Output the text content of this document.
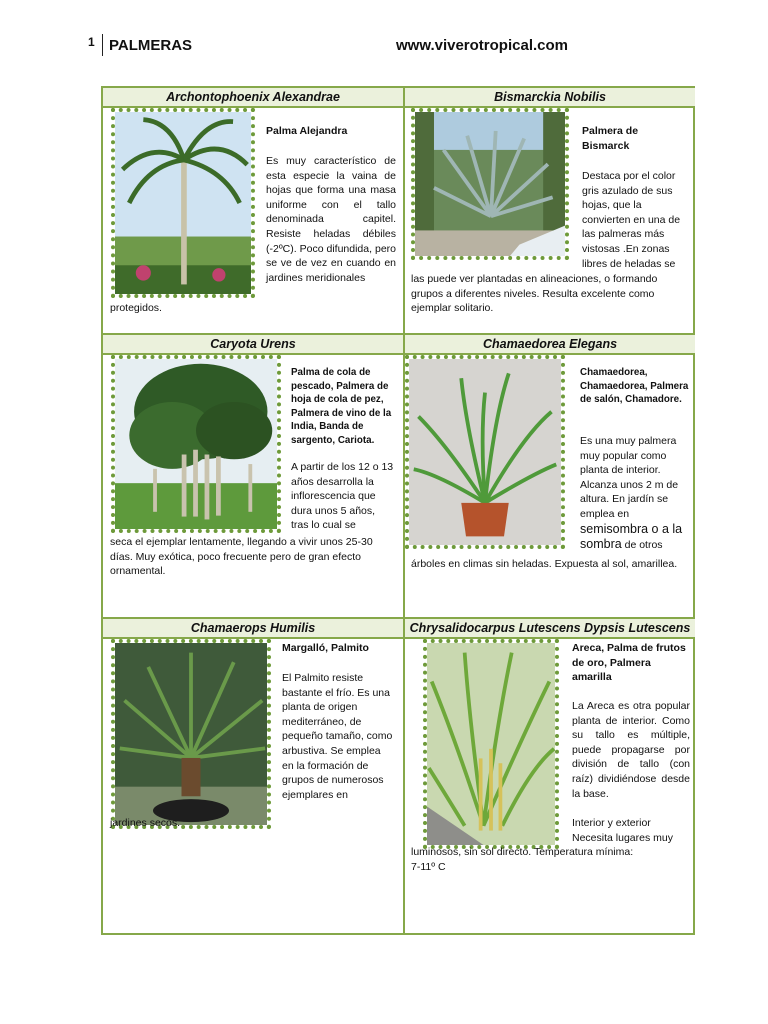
1 PALMERAS	www.viverotropical.com
Archontophoenix Alexandrae
Palma Alejandra
Es muy característico de esta especie la vaina de hojas que forma una masa uniforme con el tallo denominada capitel. Resiste heladas débiles (-2ºC). Poco difundida, pero se ve de vez en cuando en jardines meridionales
protegidos.
Bismarckia Nobilis
Palmera de Bismarck
Destaca por el color gris azulado de sus hojas, que la convierten en una de las palmeras más vistosas .En zonas libres de heladas se
las puede ver plantadas en alineaciones, o formando grupos a diferentes niveles. Resulta excelente como ejemplar solitario.
Caryota Urens
Palma de cola de pescado, Palmera de hoja de cola de pez, Palmera de vino de la India, Banda de sargento, Cariota.
A partir de los 12 o 13 años desarrolla la inflorescencia que dura unos 5 años, tras lo cual se
seca el ejemplar lentamente, llegando a vivir unos 25-30 días. Muy exótica, poco frecuente pero de gran efecto ornamental.
Chamaedorea Elegans
Chamaedorea, Chamaedorea, Palmera de salón, Chamadore.
Es una muy palmera muy popular como planta de interior. Alcanza unos 2 m de altura. En jardín se emplea en semisombra o a la sombra de otros
árboles en climas sin heladas. Expuesta al sol, amarillea.
Chamaerops Humilis
Margalló, Palmito
El Palmito resiste bastante el frío. Es una planta de origen mediterráneo, de pequeño tamaño, como arbustiva. Se emplea en la formación de grupos de numerosos ejemplares en
jardines secos.
Chrysalidocarpus Lutescens Dypsis Lutescens
Areca, Palma de frutos de oro, Palmera amarilla
La Areca es otra popular planta de interior. Como su tallo es múltiple, puede propagarse por división de tallo (con raíz) dividiéndose desde la base.
Interior y exterior Necesita lugares muy
luminosos, sin sol directo. Temperatura mínima: 7-11º C
